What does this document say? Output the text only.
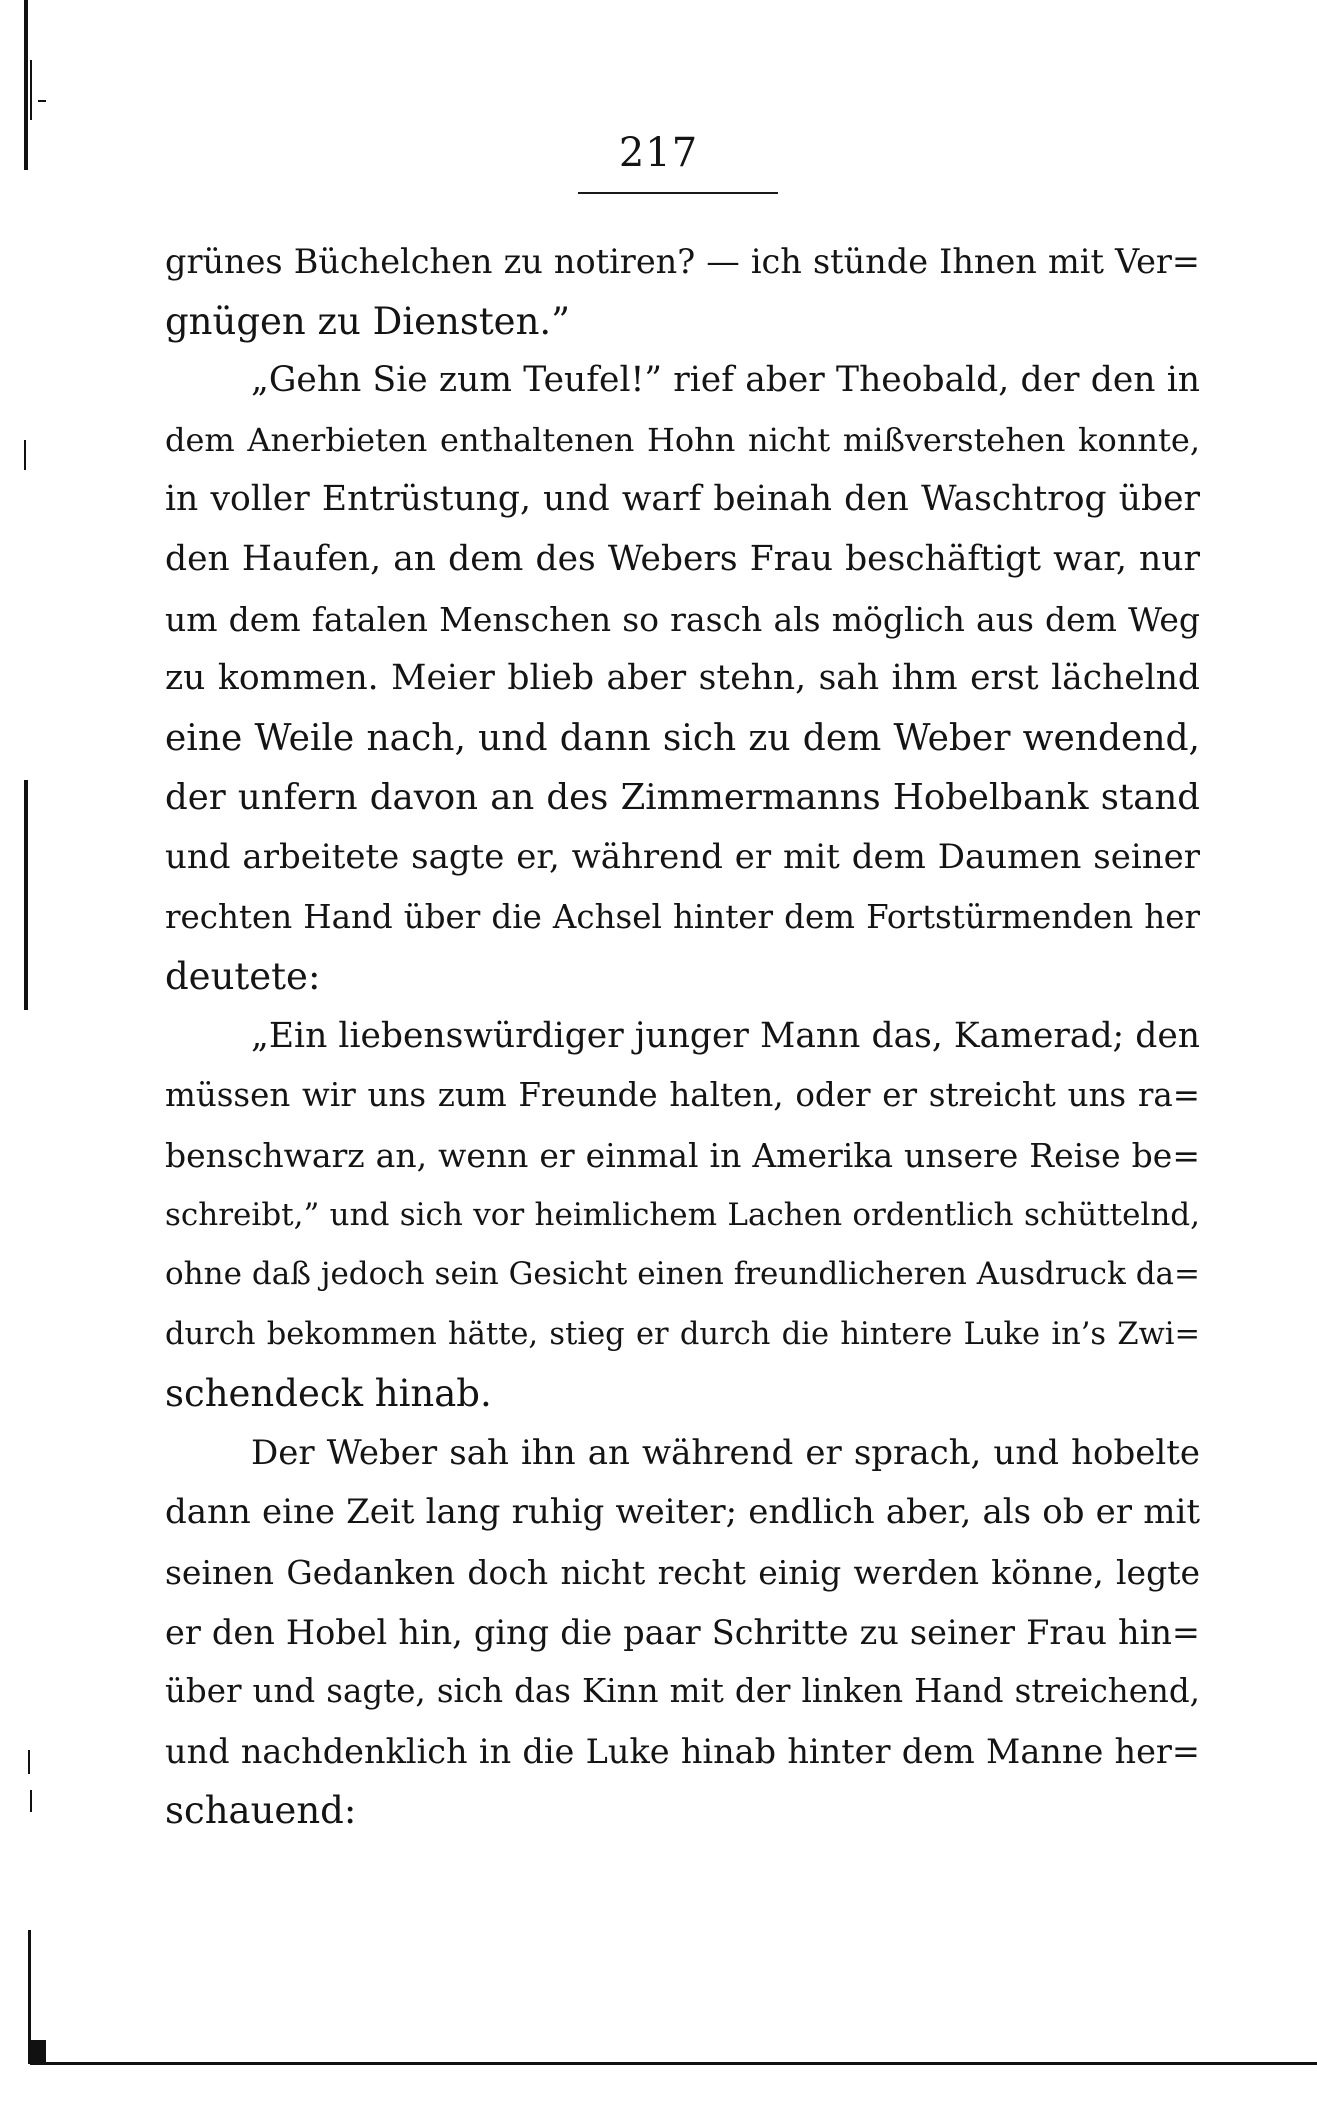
217
grünes Büchelchen zu notiren? — ich stünde Ihnen mit Ver=
gnügen zu Diensten.”
„Gehn Sie zum Teufel!” rief aber Theobald, der den in
dem Anerbieten enthaltenen Hohn nicht mißverstehen konnte,
in voller Entrüstung, und warf beinah den Waschtrog über
den Haufen, an dem des Webers Frau beschäftigt war, nur
um dem fatalen Menschen so rasch als möglich aus dem Weg
zu kommen. Meier blieb aber stehn, sah ihm erst lächelnd
eine Weile nach, und dann sich zu dem Weber wendend,
der unfern davon an des Zimmermanns Hobelbank stand
und arbeitete sagte er, während er mit dem Daumen seiner
rechten Hand über die Achsel hinter dem Fortstürmenden her
deutete:
„Ein liebenswürdiger junger Mann das, Kamerad; den
müssen wir uns zum Freunde halten, oder er streicht uns ra=
benschwarz an, wenn er einmal in Amerika unsere Reise be=
schreibt,” und sich vor heimlichem Lachen ordentlich schüttelnd,
ohne daß jedoch sein Gesicht einen freundlicheren Ausdruck da=
durch bekommen hätte, stieg er durch die hintere Luke in’s Zwi=
schendeck hinab.
Der Weber sah ihn an während er sprach, und hobelte
dann eine Zeit lang ruhig weiter; endlich aber, als ob er mit
seinen Gedanken doch nicht recht einig werden könne, legte
er den Hobel hin, ging die paar Schritte zu seiner Frau hin=
über und sagte, sich das Kinn mit der linken Hand streichend,
und nachdenklich in die Luke hinab hinter dem Manne her=
schauend:
